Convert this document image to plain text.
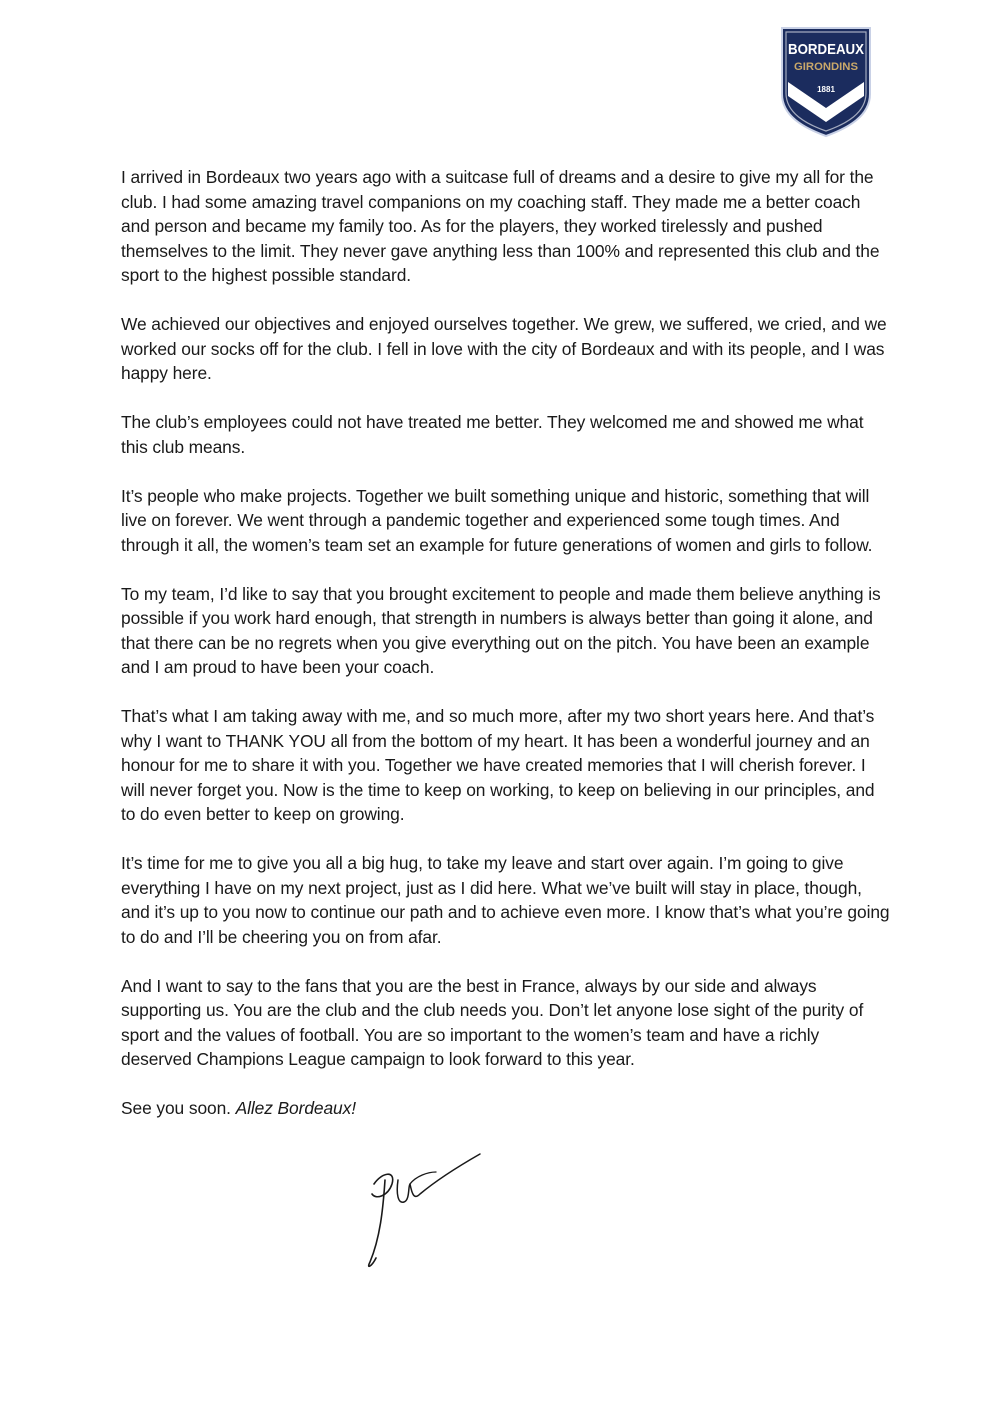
BORDEAUX
GIRONDINS
1881

I arrived in Bordeaux two years ago with a suitcase full of dreams and a desire to give my all for the club. I had some amazing travel companions on my coaching staff. They made me a better coach and person and became my family too. As for the players, they worked tirelessly and pushed themselves to the limit. They never gave anything less than 100% and represented this club and the sport to the highest possible standard.

We achieved our objectives and enjoyed ourselves together. We grew, we suffered, we cried, and we worked our socks off for the club. I fell in love with the city of Bordeaux and with its people, and I was happy here.

The club’s employees could not have treated me better. They welcomed me and showed me what this club means.

It’s people who make projects. Together we built something unique and historic, something that will live on forever. We went through a pandemic together and experienced some tough times. And through it all, the women’s team set an example for future generations of women and girls to follow.

To my team, I’d like to say that you brought excitement to people and made them believe anything is possible if you work hard enough, that strength in numbers is always better than going it alone, and that there can be no regrets when you give everything out on the pitch. You have been an example and I am proud to have been your coach.

That’s what I am taking away with me, and so much more, after my two short years here. And that’s why I want to THANK YOU all from the bottom of my heart. It has been a wonderful journey and an honour for me to share it with you. Together we have created memories that I will cherish forever. I will never forget you. Now is the time to keep on working, to keep on believing in our principles, and to do even better to keep on growing.

It’s time for me to give you all a big hug, to take my leave and start over again. I’m going to give everything I have on my next project, just as I did here. What we’ve built will stay in place, though, and it’s up to you now to continue our path and to achieve even more. I know that’s what you’re going to do and I’ll be cheering you on from afar.

And I want to say to the fans that you are the best in France, always by our side and always supporting us. You are the club and the club needs you. Don’t let anyone lose sight of the purity of sport and the values of football. You are so important to the women’s team and have a richly deserved Champions League campaign to look forward to this year.

See you soon. Allez Bordeaux!
